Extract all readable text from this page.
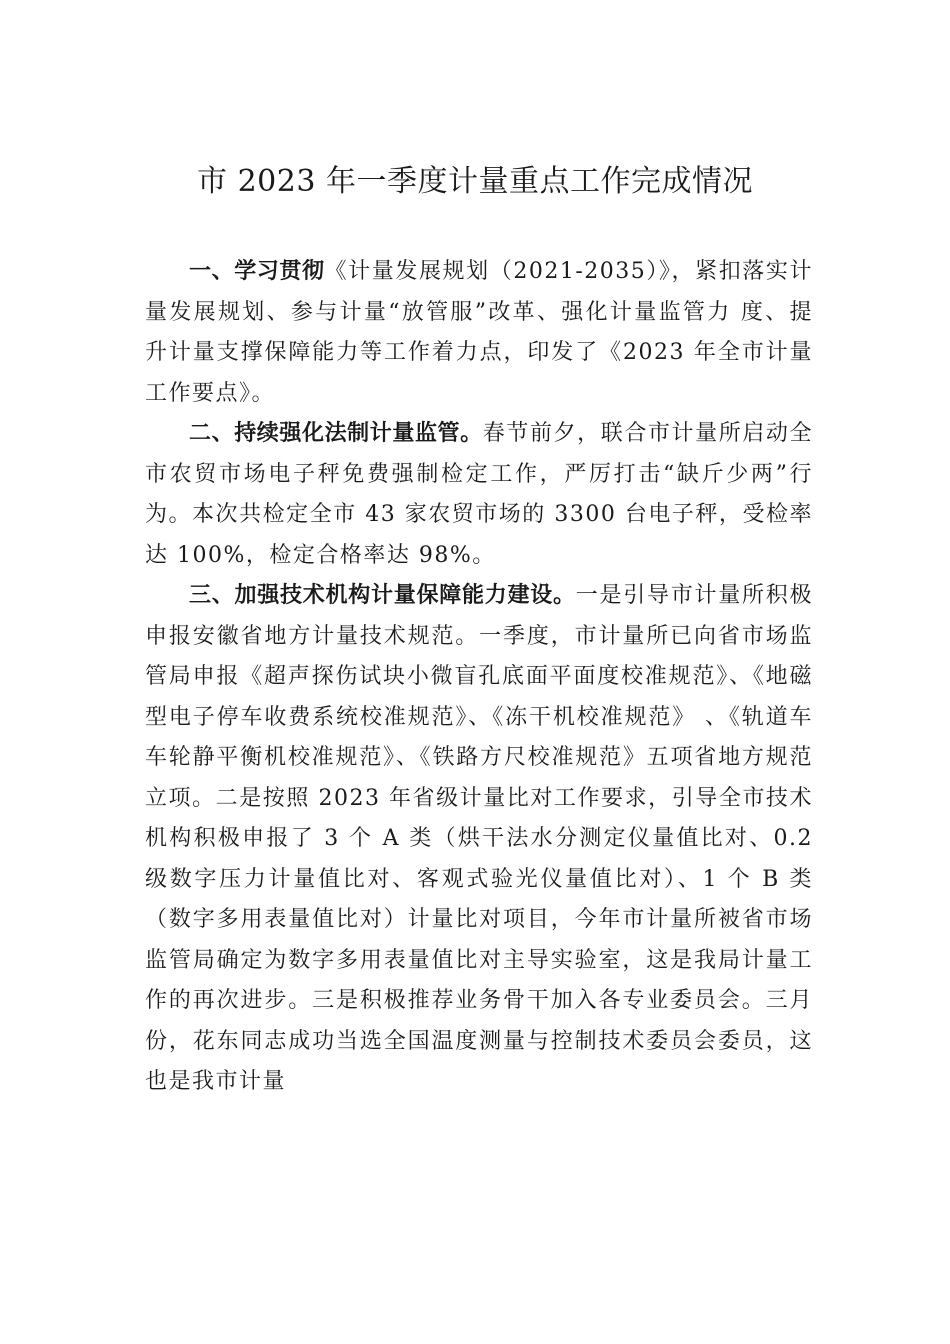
市 2023 年一季度计量重点工作完成情况

一、学习贯彻《计量发展规划（2021-2035）》，紧扣落实计量发展规划、参与计量“放管服”改革、强化计量监管力 度、提升计量支撑保障能力等工作着力点，印发了《2023 年全市计量工作要点》。

二、持续强化法制计量监管。春节前夕，联合市计量所启动全市农贸市场电子秤免费强制检定工作，严厉打击“缺斤少两”行为。本次共检定全市 43 家农贸市场的 3300 台电子秤，受检率达 100%，检定合格率达 98%。

三、加强技术机构计量保障能力建设。一是引导市计量所积极申报安徽省地方计量技术规范。一季度，市计量所已向省市场监管局申报《超声探伤试块小微盲孔底面平面度校准规范》、《地磁型电子停车收费系统校准规范》、《冻干机校准规范》 、《轨道车车轮静平衡机校准规范》、《铁路方尺校准规范》五项省地方规范立项。二是按照 2023 年省级计量比对工作要求，引导全市技术机构积极申报了 3 个 A 类（烘干法水分测定仪量值比对、0.2 级数字压力计量值比对、客观式验光仪量值比对）、1 个 B 类（数字多用表量值比对）计量比对项目，今年市计量所被省市场监管局确定为数字多用表量值比对主导实验室，这是我局计量工作的再次进步。三是积极推荐业务骨干加入各专业委员会。三月份，花东同志成功当选全国温度测量与控制技术委员会委员，这也是我市计量
